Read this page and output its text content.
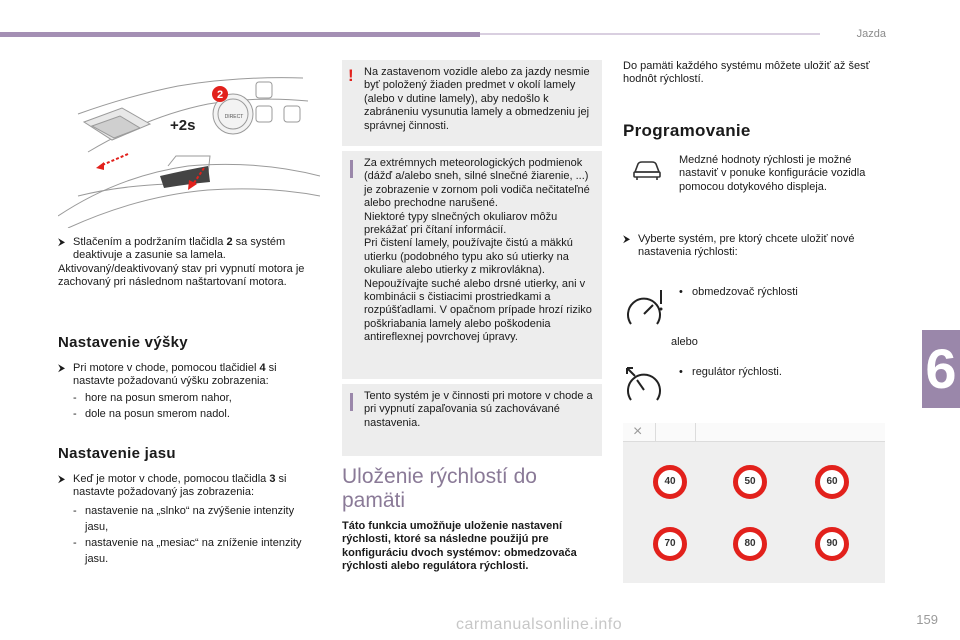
Jazda
6
2
DIRECT
+2s
⮞ Stlačením a podržaním tlačidla 2 sa systém deaktivuje a zasunie sa lamela.
Aktivovaný/deaktivovaný stav pri vypnutí motora je zachovaný pri následnom naštartovaní motora.
Nastavenie výšky
⮞ Pri motore v chode, pomocou tlačidiel 4 si nastavte požadovanú výšku zobrazenia:
- hore na posun smerom nahor,
- dole na posun smerom nadol.
Nastavenie jasu
⮞ Keď je motor v chode, pomocou tlačidla 3 si nastavte požadovaný jas zobrazenia:
- nastavenie na „slnko“ na zvýšenie intenzity jasu,
- nastavenie na „mesiac“ na zníženie intenzity jasu.
! Na zastavenom vozidle alebo za jazdy nesmie byť položený žiaden predmet v okolí lamely (alebo v dutine lamely), aby nedošlo k zabráneniu vysunutia lamely a obmedzeniu jej správnej činnosti.
Za extrémnych meteorologických podmienok (dážď a/alebo sneh, silné slnečné žiarenie, ...) je zobrazenie v zornom poli vodiča nečitateľné alebo prechodne narušené.
Niektoré typy slnečných okuliarov môžu prekážať pri čítaní informácií.
Pri čistení lamely, používajte čistú a mäkkú utierku (podobného typu ako sú utierky na okuliare alebo utierky z mikrovlákna). Nepoužívajte suché alebo drsné utierky, ani v kombinácii s čistiacimi prostriedkami a rozpúšťadlami. V opačnom prípade hrozí riziko poškriabania lamely alebo poškodenia antireflexnej povrchovej úpravy.
Tento systém je v činnosti pri motore v chode a pri vypnutí zapaľovania sú zachovávané nastavenia.
Uloženie rýchlostí do pamäti
Táto funkcia umožňuje uloženie nastavení rýchlosti, ktoré sa následne použijú pre konfiguráciu dvoch systémov: obmedzovača rýchlosti alebo regulátora rýchlosti.
Do pamäti každého systému môžete uložiť až šesť hodnôt rýchlostí.
Programovanie
Medzné hodnoty rýchlosti je možné nastaviť v ponuke konfigurácie vozidla pomocou dotykového displeja.
⮞ Vyberte systém, pre ktorý chcete uložiť nové nastavenia rýchlosti:
• obmedzovač rýchlosti
alebo
• regulátor rýchlosti.
×
40	50	60
70	80	90
159
carmanualsonline.info
